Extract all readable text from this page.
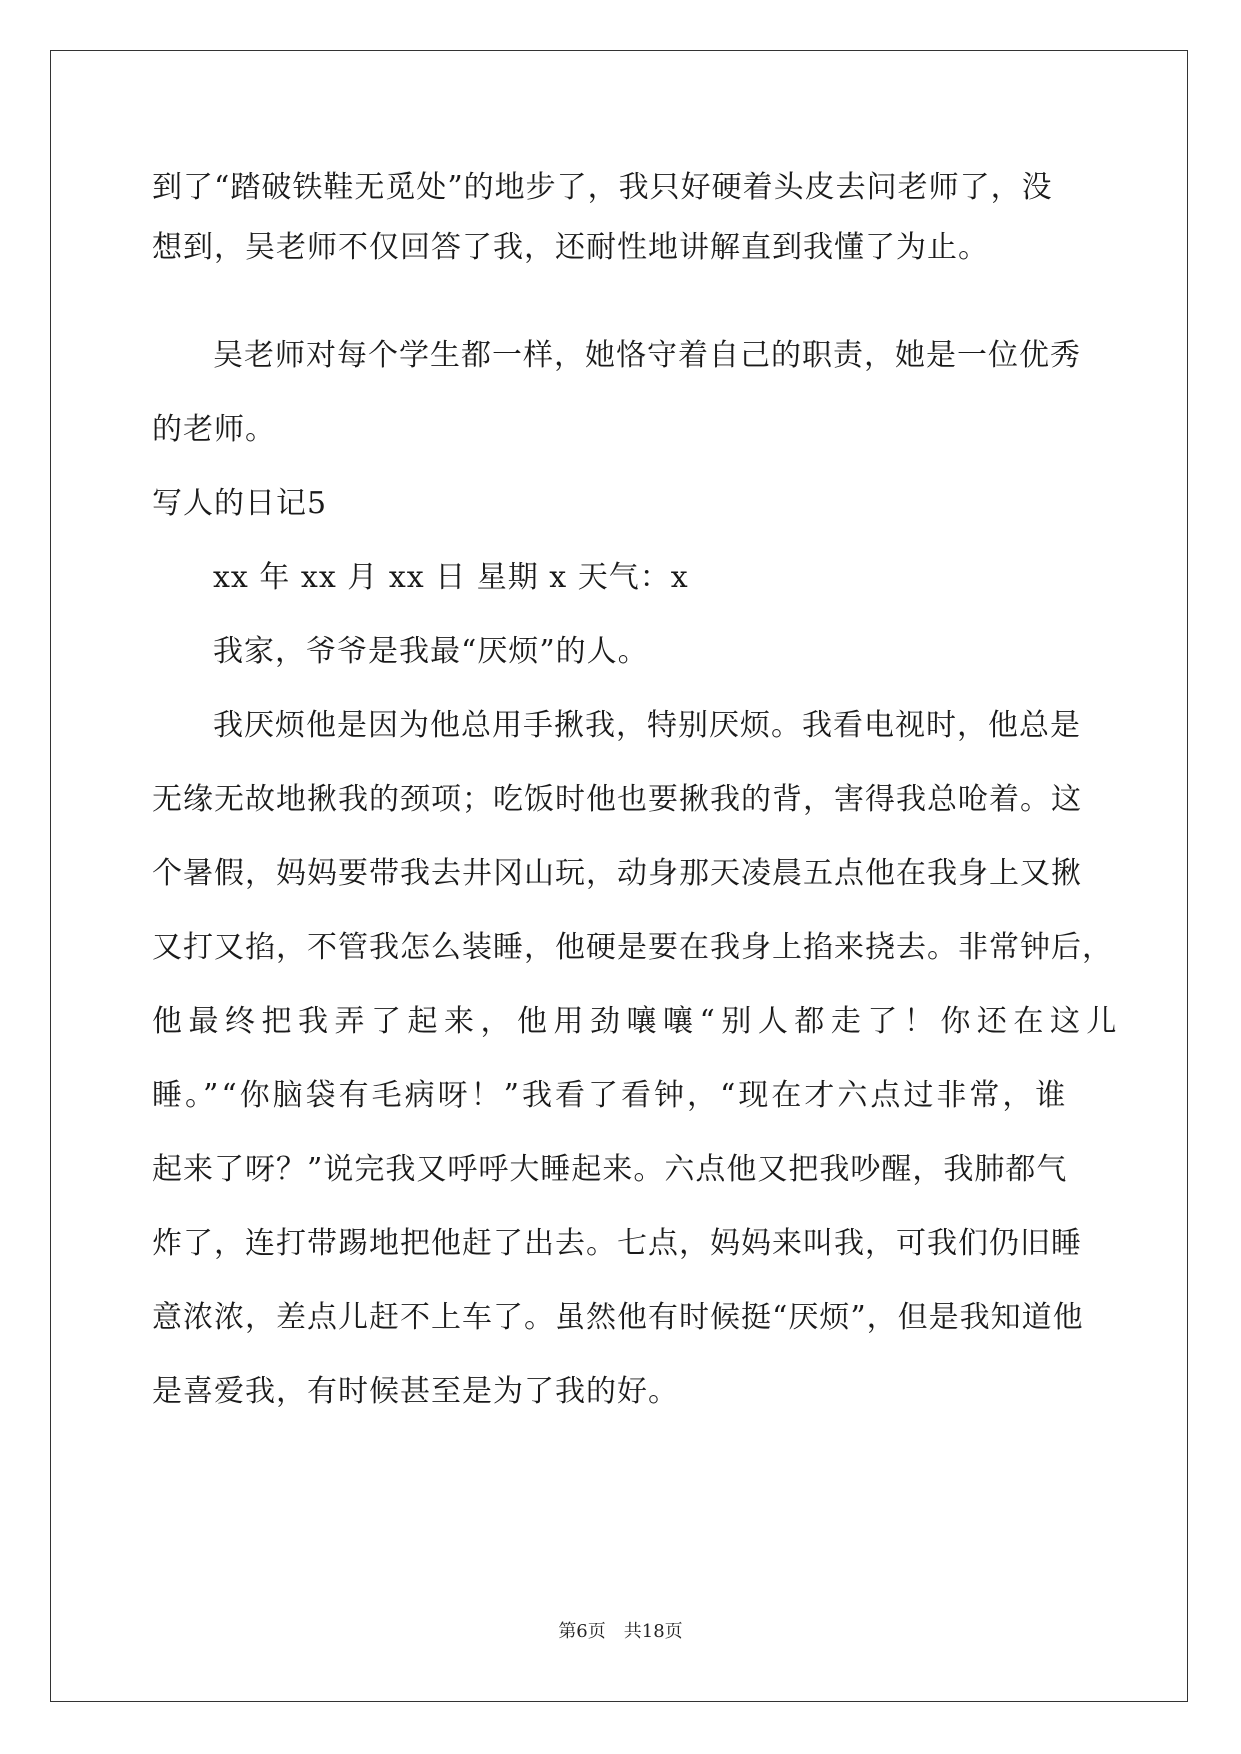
到了“踏破铁鞋无觅处”的地步了，我只好硬着头皮去问老师了，没
想到，吴老师不仅回答了我，还耐性地讲解直到我懂了为止。
吴老师对每个学生都一样，她恪守着自己的职责，她是一位优秀
的老师。
写人的日记5
xx 年 xx 月 xx 日 星期 x 天气：x
我家，爷爷是我最“厌烦”的人。
我厌烦他是因为他总用手揪我，特别厌烦。我看电视时，他总是
无缘无故地揪我的颈项；吃饭时他也要揪我的背，害得我总呛着。这
个暑假，妈妈要带我去井冈山玩，动身那天凌晨五点他在我身上又揪
又打又掐，不管我怎么装睡，他硬是要在我身上掐来挠去。非常钟后，
他最终把我弄了起来，他用劲嚷嚷“别人都走了！你还在这儿
睡。”“你脑袋有毛病呀！”我看了看钟，“现在才六点过非常，谁
起来了呀？”说完我又呼呼大睡起来。六点他又把我吵醒，我肺都气
炸了，连打带踢地把他赶了出去。七点，妈妈来叫我，可我们仍旧睡
意浓浓，差点儿赶不上车了。虽然他有时候挺“厌烦”，但是我知道他
是喜爱我，有时候甚至是为了我的好。
第6页 共18页
